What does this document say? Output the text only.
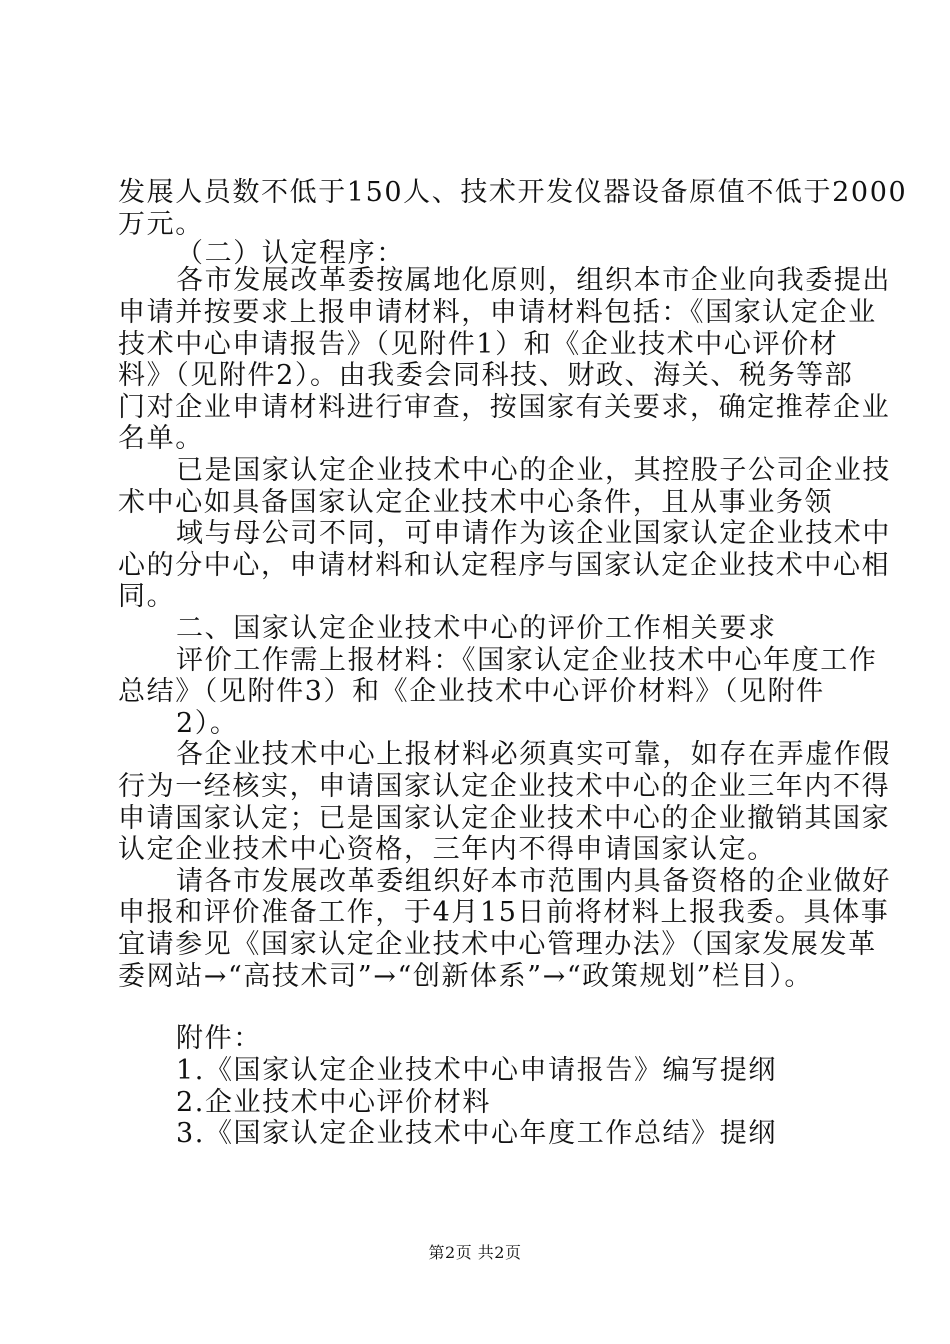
发展人员数不低于150人、技术开发仪器设备原值不低于2000

万元。

（二）认定程序：

各市发展改革委按属地化原则，组织本市企业向我委提出

申请并按要求上报申请材料，申请材料包括：《国家认定企业

技术中心申请报告》（见附件1）和《企业技术中心评价材

料》（见附件2）。由我委会同科技、财政、海关、税务等部

门对企业申请材料进行审查，按国家有关要求，确定推荐企业

名单。

已是国家认定企业技术中心的企业，其控股子公司企业技

术中心如具备国家认定企业技术中心条件，且从事业务领

域与母公司不同，可申请作为该企业国家认定企业技术中

心的分中心，申请材料和认定程序与国家认定企业技术中心相

同。

二、国家认定企业技术中心的评价工作相关要求

评价工作需上报材料：《国家认定企业技术中心年度工作

总结》（见附件3）和《企业技术中心评价材料》（见附件

2）。

各企业技术中心上报材料必须真实可靠，如存在弄虚作假

行为一经核实，申请国家认定企业技术中心的企业三年内不得

申请国家认定；已是国家认定企业技术中心的企业撤销其国家

认定企业技术中心资格，三年内不得申请国家认定。

请各市发展改革委组织好本市范围内具备资格的企业做好

申报和评价准备工作，于4月15日前将材料上报我委。具体事

宜请参见《国家认定企业技术中心管理办法》（国家发展发革

委网站→“高技术司”→“创新体系”→“政策规划”栏目）。

附件：

1.《国家认定企业技术中心申请报告》编写提纲

2.企业技术中心评价材料

3.《国家认定企业技术中心年度工作总结》提纲

第2页 共2页
